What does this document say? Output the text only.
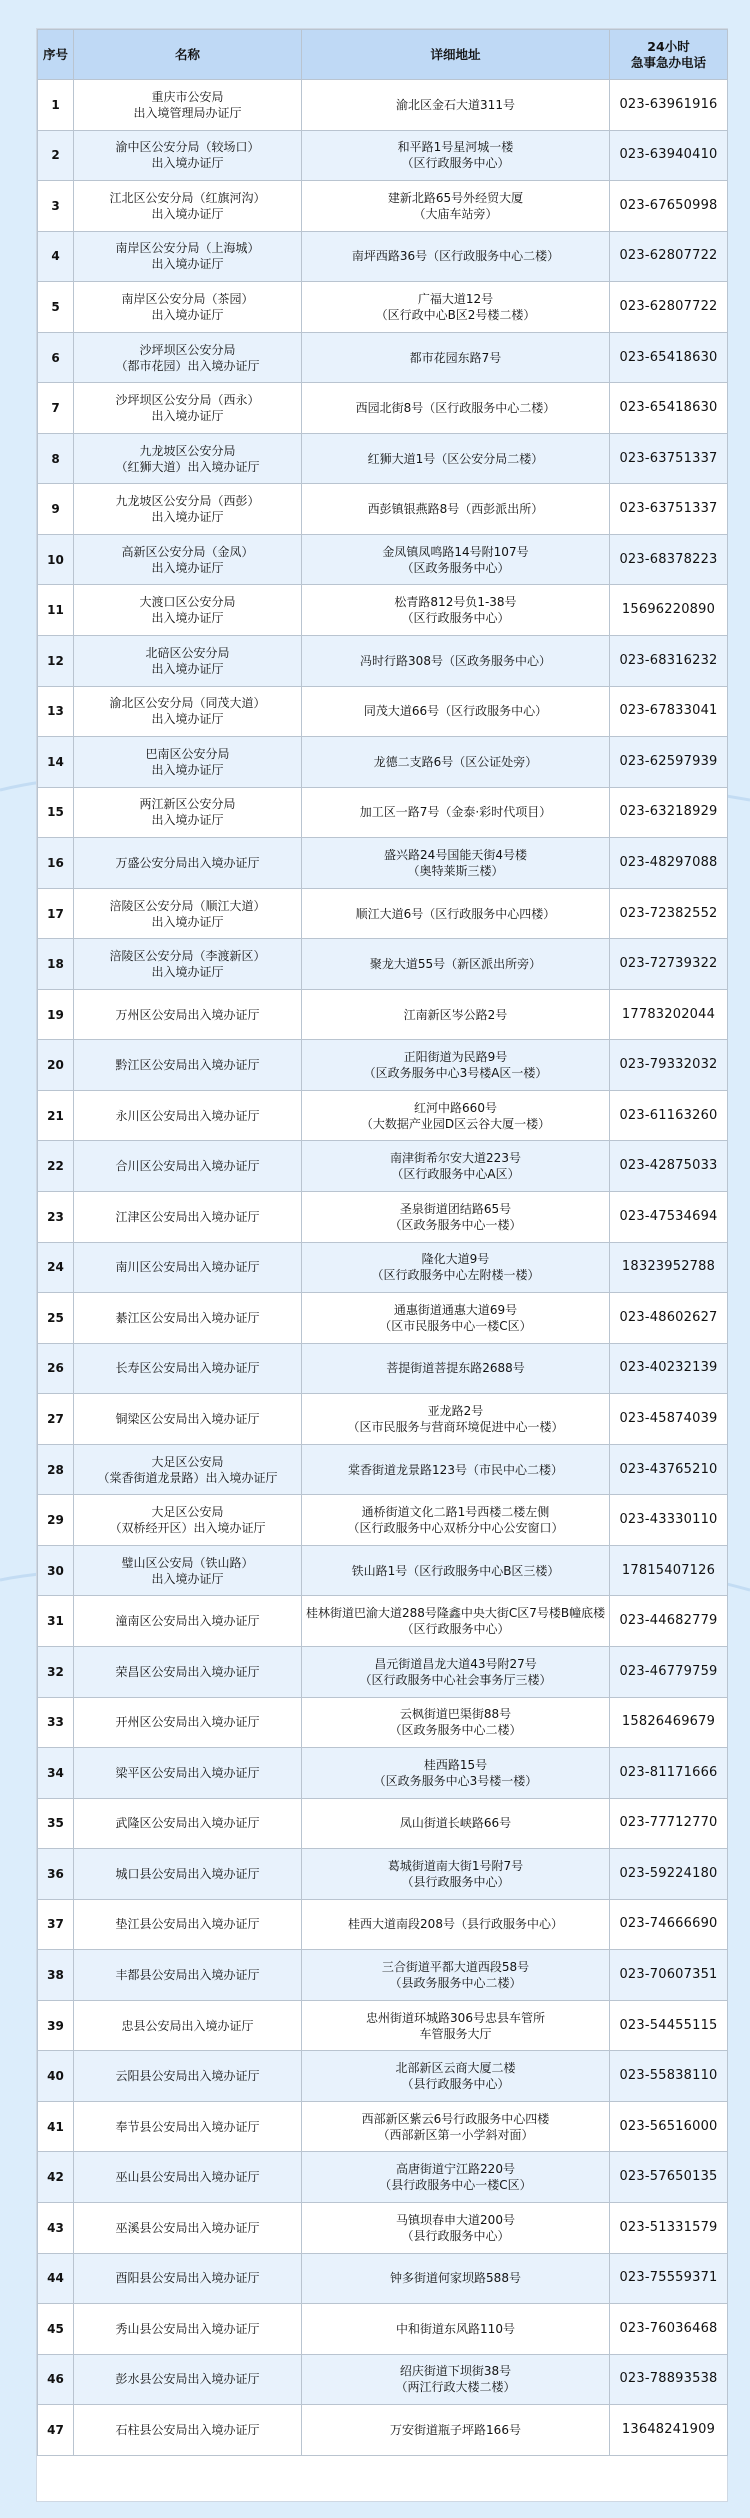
序号	名称	详细地址	24小时
急事急办电话

1	重庆市公安局
出入境管理局办证厅	渝北区金石大道311号	023-63961916
2	渝中区公安分局（较场口）
出入境办证厅	和平路1号星河城一楼
（区行政服务中心）	023-63940410
3	江北区公安分局（红旗河沟）
出入境办证厅	建新北路65号外经贸大厦
（大庙车站旁）	023-67650998
4	南岸区公安分局（上海城）
出入境办证厅	南坪西路36号（区行政服务中心二楼）	023-62807722
5	南岸区公安分局（茶园）
出入境办证厅	广福大道12号
（区行政中心B区2号楼二楼）	023-62807722
6	沙坪坝区公安分局
（都市花园）出入境办证厅	都市花园东路7号	023-65418630
7	沙坪坝区公安分局（西永）
出入境办证厅	西园北街8号（区行政服务中心二楼）	023-65418630
8	九龙坡区公安分局
（红狮大道）出入境办证厅	红狮大道1号（区公安分局二楼）	023-63751337
9	九龙坡区公安分局（西彭）
出入境办证厅	西彭镇银燕路8号（西彭派出所）	023-63751337
10	高新区公安分局（金凤）
出入境办证厅	金凤镇凤鸣路14号附107号
（区政务服务中心）	023-68378223
11	大渡口区公安分局
出入境办证厅	松青路812号负1-38号
（区行政服务中心）	15696220890
12	北碚区公安分局
出入境办证厅	冯时行路308号（区政务服务中心）	023-68316232
13	渝北区公安分局（同茂大道）
出入境办证厅	同茂大道66号（区行政服务中心）	023-67833041
14	巴南区公安分局
出入境办证厅	龙德二支路6号（区公证处旁）	023-62597939
15	两江新区公安分局
出入境办证厅	加工区一路7号（金泰·彩时代项目）	023-63218929
16	万盛公安分局出入境办证厅	盛兴路24号国能天街4号楼
（奥特莱斯三楼）	023-48297088
17	涪陵区公安分局（顺江大道）
出入境办证厅	顺江大道6号（区行政服务中心四楼）	023-72382552
18	涪陵区公安分局（李渡新区）
出入境办证厅	聚龙大道55号（新区派出所旁）	023-72739322
19	万州区公安局出入境办证厅	江南新区岑公路2号	17783202044
20	黔江区公安局出入境办证厅	正阳街道为民路9号
（区政务服务中心3号楼A区一楼）	023-79332032
21	永川区公安局出入境办证厅	红河中路660号
（大数据产业园D区云谷大厦一楼）	023-61163260
22	合川区公安局出入境办证厅	南津街希尔安大道223号
（区行政服务中心A区）	023-42875033
23	江津区公安局出入境办证厅	圣泉街道团结路65号
（区政务服务中心一楼）	023-47534694
24	南川区公安局出入境办证厅	隆化大道9号
（区行政服务中心左附楼一楼）	18323952788
25	綦江区公安局出入境办证厅	通惠街道通惠大道69号
（区市民服务中心一楼C区）	023-48602627
26	长寿区公安局出入境办证厅	菩提街道菩提东路2688号	023-40232139
27	铜梁区公安局出入境办证厅	亚龙路2号
（区市民服务与营商环境促进中心一楼）	023-45874039
28	大足区公安局
（棠香街道龙景路）出入境办证厅	棠香街道龙景路123号（市民中心二楼）	023-43765210
29	大足区公安局
（双桥经开区）出入境办证厅	通桥街道文化二路1号西楼二楼左侧
（区行政服务中心双桥分中心公安窗口）	023-43330110
30	璧山区公安局（铁山路）
出入境办证厅	铁山路1号（区行政服务中心B区三楼）	17815407126
31	潼南区公安局出入境办证厅	桂林街道巴渝大道288号隆鑫中央大街C区7号楼B幢底楼
（区行政服务中心）	023-44682779
32	荣昌区公安局出入境办证厅	昌元街道昌龙大道43号附27号
（区行政服务中心社会事务厅三楼）	023-46779759
33	开州区公安局出入境办证厅	云枫街道巴渠街88号
（区政务服务中心二楼）	15826469679
34	梁平区公安局出入境办证厅	桂西路15号
（区政务服务中心3号楼一楼）	023-81171666
35	武隆区公安局出入境办证厅	凤山街道长峡路66号	023-77712770
36	城口县公安局出入境办证厅	葛城街道南大街1号附7号
（县行政服务中心）	023-59224180
37	垫江县公安局出入境办证厅	桂西大道南段208号（县行政服务中心）	023-74666690
38	丰都县公安局出入境办证厅	三合街道平都大道西段58号
（县政务服务中心二楼）	023-70607351
39	忠县公安局出入境办证厅	忠州街道环城路306号忠县车管所
车管服务大厅	023-54455115
40	云阳县公安局出入境办证厅	北部新区云商大厦二楼
（县行政服务中心）	023-55838110
41	奉节县公安局出入境办证厅	西部新区紫云6号行政服务中心四楼
（西部新区第一小学斜对面）	023-56516000
42	巫山县公安局出入境办证厅	高唐街道宁江路220号
（县行政服务中心一楼C区）	023-57650135
43	巫溪县公安局出入境办证厅	马镇坝春申大道200号
（县行政服务中心）	023-51331579
44	酉阳县公安局出入境办证厅	钟多街道何家坝路588号	023-75559371
45	秀山县公安局出入境办证厅	中和街道东风路110号	023-76036468
46	彭水县公安局出入境办证厅	绍庆街道下坝街38号
（两江行政大楼二楼）	023-78893538
47	石柱县公安局出入境办证厅	万安街道瓶子坪路166号	13648241909
